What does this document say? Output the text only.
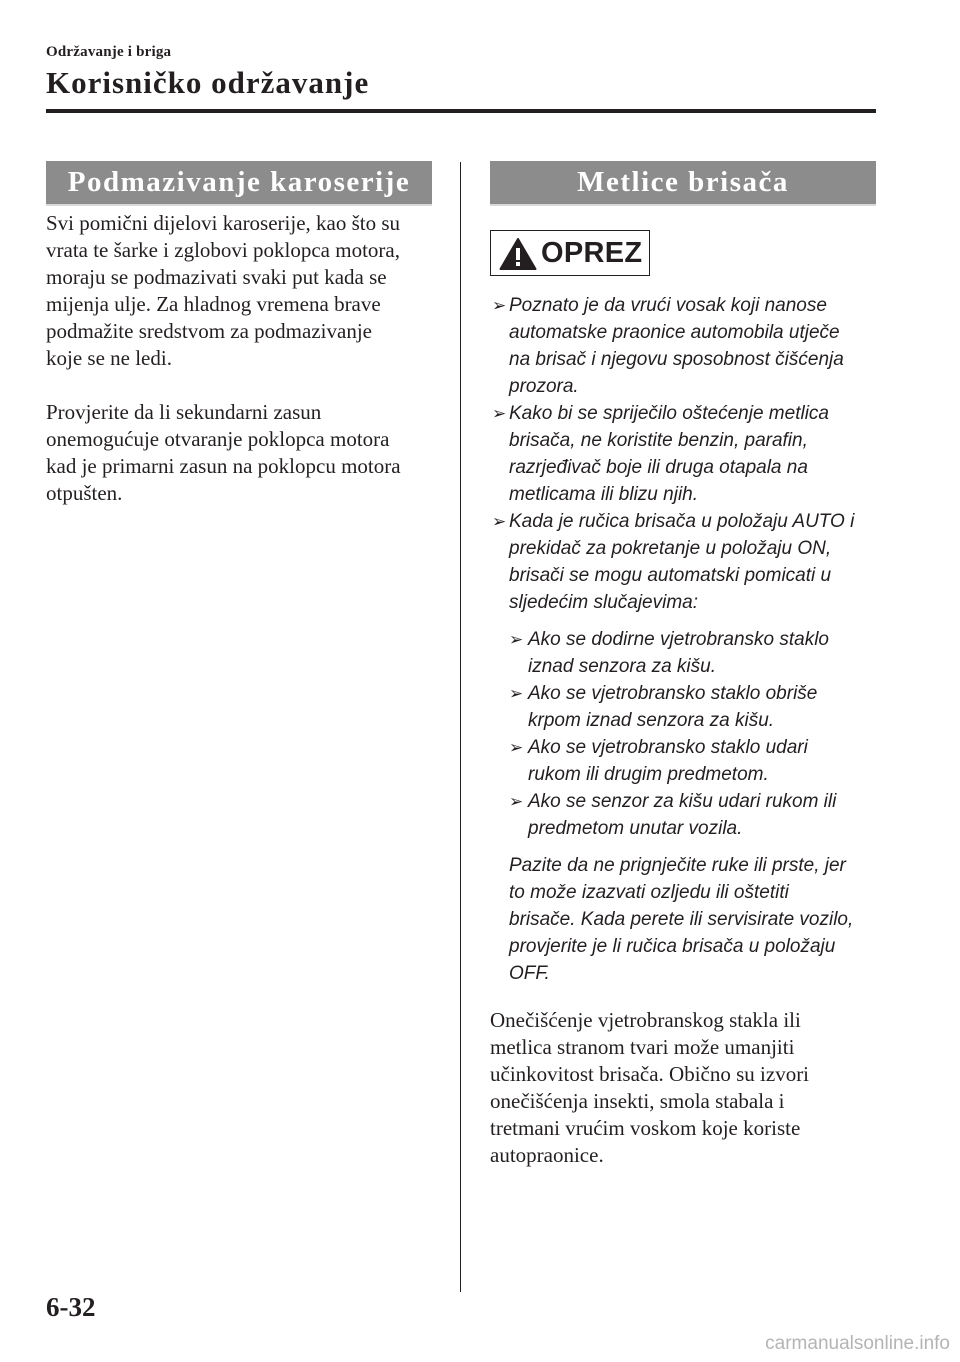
Održavanje i briga
Korisničko održavanje
Podmazivanje karoserije	Metlice brisača

Svi pomični dijelovi karoserije, kao što su
vrata te šarke i zglobovi poklopca motora,
moraju se podmazivati svaki put kada se
mijenja ulje. Za hladnog vremena brave
podmažite sredstvom za podmazivanje
koje se ne ledi.

Provjerite da li sekundarni zasun
onemogućuje otvaranje poklopca motora
kad je primarni zasun na poklopcu motora
otpušten.

OPREZ
➢ Poznato je da vrući vosak koji nanose
automatske praonice automobila utječe
na brisač i njegovu sposobnost čišćenja
prozora.
➢ Kako bi se spriječilo oštećenje metlica
brisača, ne koristite benzin, parafin,
razrjeđivač boje ili druga otapala na
metlicama ili blizu njih.
➢ Kada je ručica brisača u položaju AUTO i
prekidač za pokretanje u položaju ON,
brisači se mogu automatski pomicati u
sljedećim slučajevima:
➢ Ako se dodirne vjetrobransko staklo
iznad senzora za kišu.
➢ Ako se vjetrobransko staklo obriše
krpom iznad senzora za kišu.
➢ Ako se vjetrobransko staklo udari
rukom ili drugim predmetom.
➢ Ako se senzor za kišu udari rukom ili
predmetom unutar vozila.
Pazite da ne prignječite ruke ili prste, jer
to može izazvati ozljedu ili oštetiti
brisače. Kada perete ili servisirate vozilo,
provjerite je li ručica brisača u položaju
OFF.
Onečišćenje vjetrobranskog stakla ili
metlica stranom tvari može umanjiti
učinkovitost brisača. Obično su izvori
onečišćenja insekti, smola stabala i
tretmani vrućim voskom koje koriste
autopraonice.
6-32
carmanualsonline.info
